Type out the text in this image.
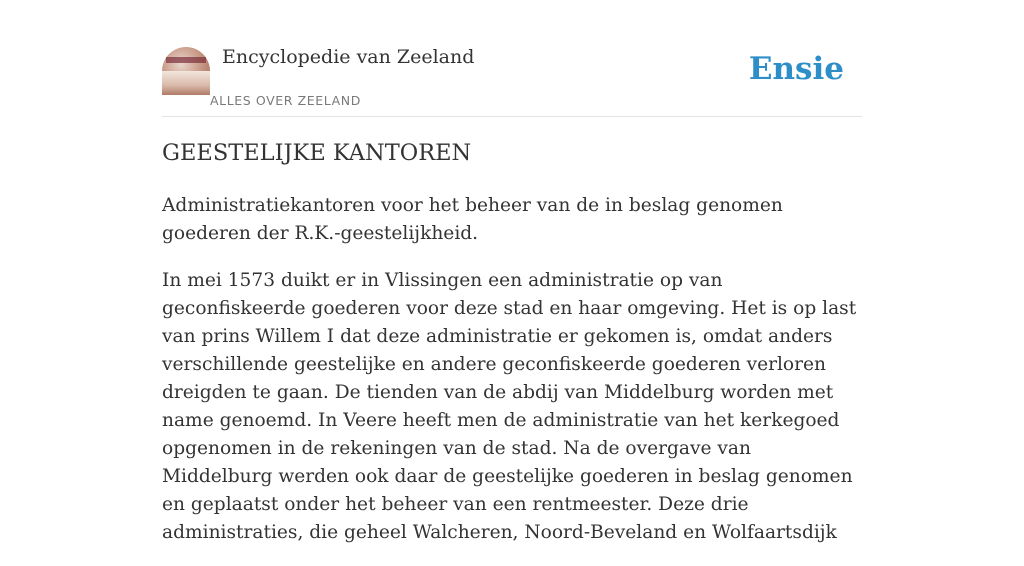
Encyclopedie van Zeeland
ALLES OVER ZEELAND
Ensie
GEESTELIJKE KANTOREN

Administratiekantoren voor het beheer van de in beslag genomen goederen der R.K.-geestelijkheid.

In mei 1573 duikt er in Vlissingen een administratie op van geconfiskeerde goederen voor deze stad en haar omgeving. Het is op last van prins Willem I dat deze administratie er gekomen is, omdat anders verschillende geestelijke en andere geconfiskeerde goederen verloren dreigden te gaan. De tienden van de abdij van Middelburg worden met name genoemd. In Veere heeft men de administratie van het kerkegoed opgenomen in de rekeningen van de stad. Na de overgave van Middelburg werden ook daar de geestelijke goederen in beslag genomen en geplaatst onder het beheer van een rentmeester. Deze drie administraties, die geheel Walcheren, Noord-Beveland en Wolfaartsdijk
